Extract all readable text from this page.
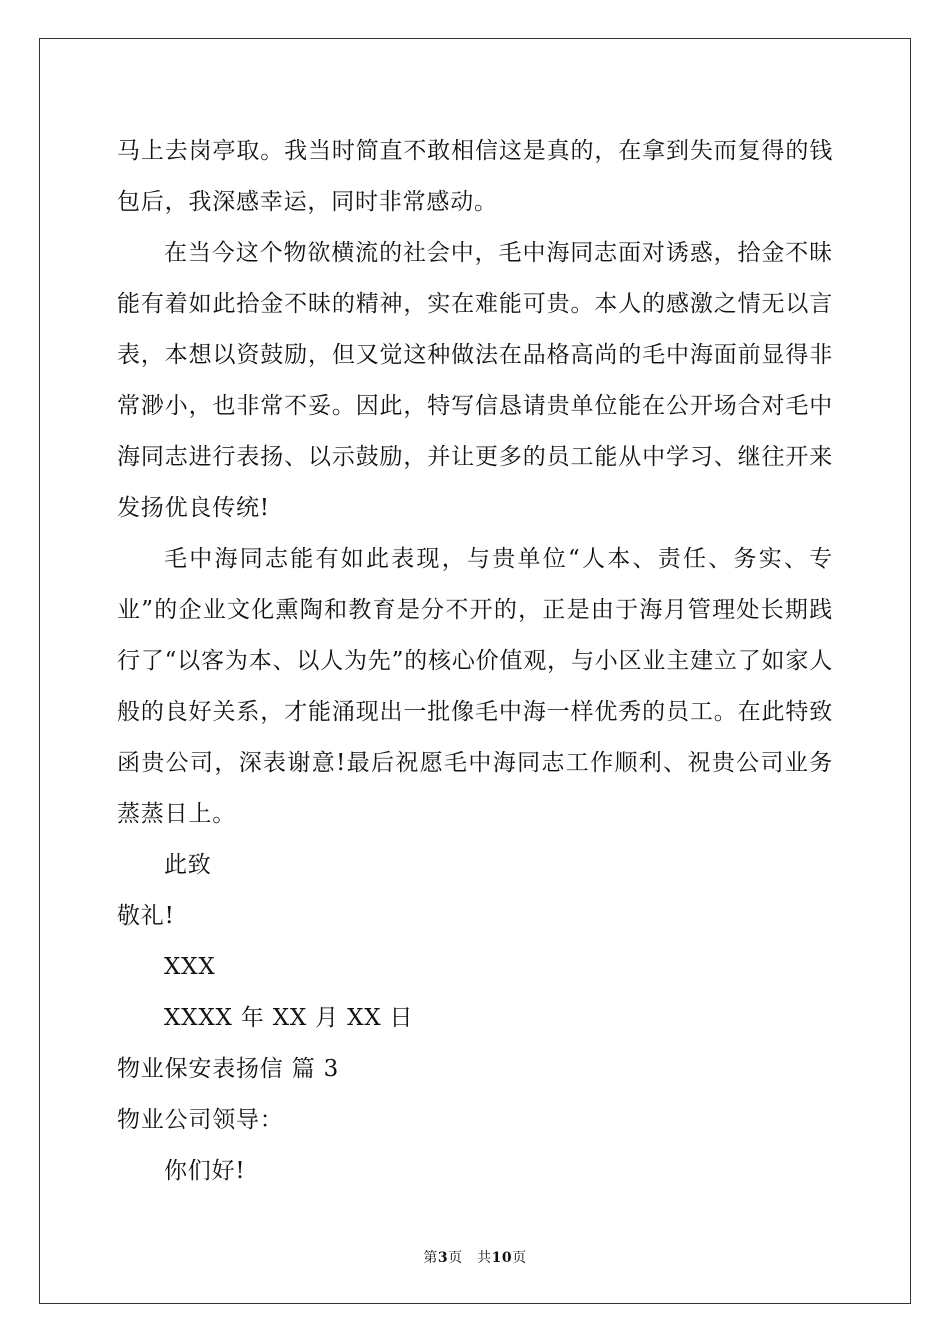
马上去岗亭取。我当时简直不敢相信这是真的，在拿到失而复得的钱包后，我深感幸运，同时非常感动。

在当今这个物欲横流的社会中，毛中海同志面对诱惑，拾金不昧能有着如此拾金不昧的精神，实在难能可贵。本人的感激之情无以言表，本想以资鼓励，但又觉这种做法在品格高尚的毛中海面前显得非常渺小，也非常不妥。因此，特写信恳请贵单位能在公开场合对毛中海同志进行表扬、以示鼓励，并让更多的员工能从中学习、继往开来发扬优良传统!

毛中海同志能有如此表现，与贵单位“人本、责任、务实、专业”的企业文化熏陶和教育是分不开的，正是由于海月管理处长期践行了“以客为本、以人为先”的核心价值观，与小区业主建立了如家人般的良好关系，才能涌现出一批像毛中海一样优秀的员工。在此特致函贵公司，深表谢意!最后祝愿毛中海同志工作顺利、祝贵公司业务蒸蒸日上。

此致

敬礼!

XXX

XXXX 年 XX 月 XX 日

物业保安表扬信 篇 3

物业公司领导：

你们好!

第3页　共10页
